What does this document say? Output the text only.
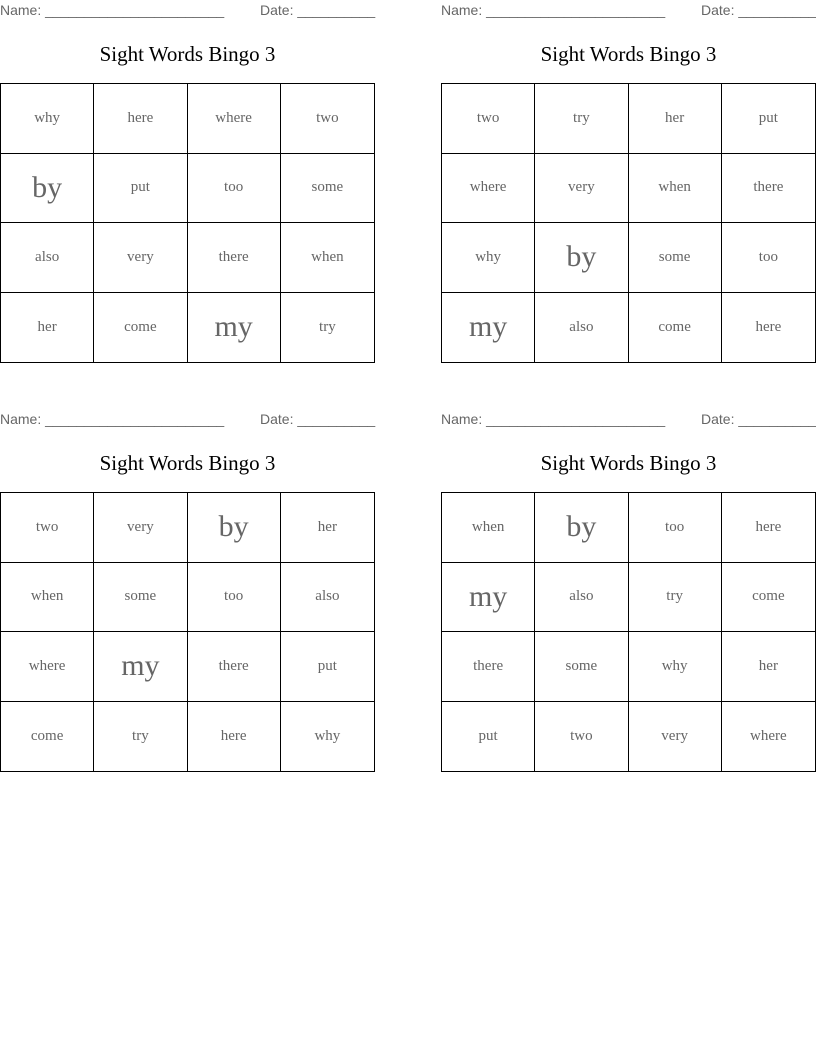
Name: _______________________	Date: __________
Sight Words Bingo 3
why	here	where	two
by	put	too	some
also	very	there	when
her	come	my	try
Name: _______________________	Date: __________
Sight Words Bingo 3
two	try	her	put
where	very	when	there
why	by	some	too
my	also	come	here
Name: _______________________	Date: __________
Sight Words Bingo 3
two	very	by	her
when	some	too	also
where	my	there	put
come	try	here	why
Name: _______________________	Date: __________
Sight Words Bingo 3
when	by	too	here
my	also	try	come
there	some	why	her
put	two	very	where
